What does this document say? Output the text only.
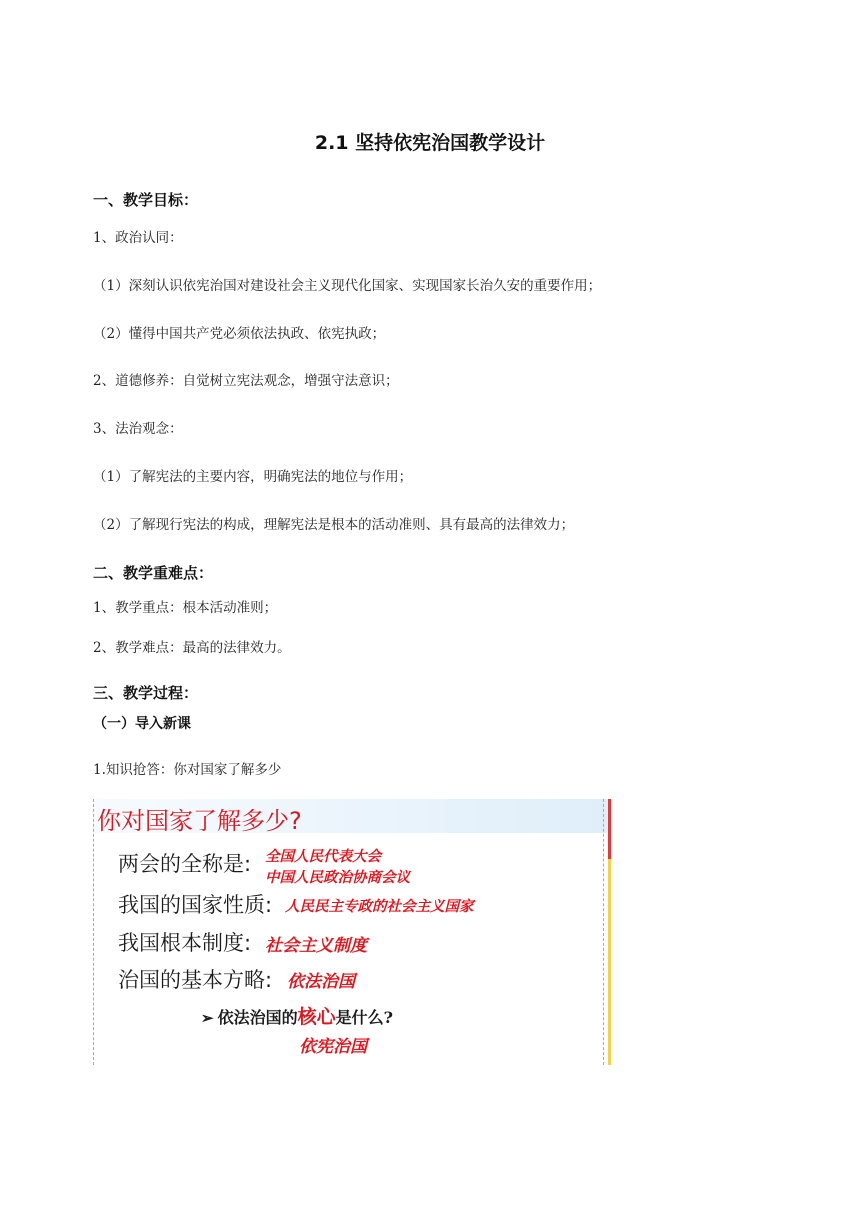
2.1 坚持依宪治国教学设计
一、教学目标：
1、政治认同：
（1）深刻认识依宪治国对建设社会主义现代化国家、实现国家长治久安的重要作用；
（2）懂得中国共产党必须依法执政、依宪执政；
2、道德修养：自觉树立宪法观念，增强守法意识；
3、法治观念：
（1）了解宪法的主要内容，明确宪法的地位与作用；
（2）了解现行宪法的构成，理解宪法是根本的活动准则、具有最高的法律效力；
二、教学重难点：
1、教学重点：根本活动准则；
2、教学难点：最高的法律效力。
三、教学过程：
（一）导入新课
1.知识抢答：你对国家了解多少
你对国家了解多少?
两会的全称是: 全国人民代表大会
中国人民政治协商会议
我国的国家性质: 人民民主专政的社会主义国家
我国根本制度: 社会主义制度
治国的基本方略: 依法治国
➢ 依法治国的核心是什么?
依宪治国
